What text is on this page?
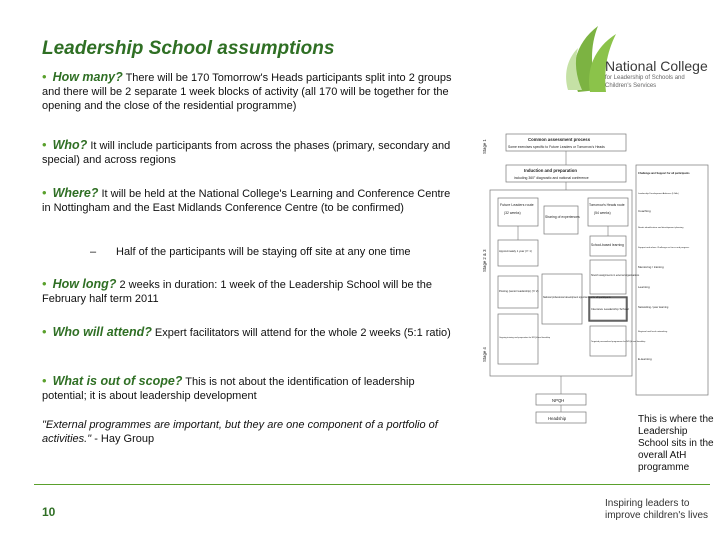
Leadership School assumptions
National College
for Leadership of Schools and Children's Services
• How many? There will be 170 Tomorrow's Heads participants split into 2 groups and there will be 2 separate 1 week blocks of activity (all 170 will be together for the opening and the close of the residential programme)
• Who? It will include participants from across the phases (primary, secondary and special) and across regions
• Where? It will be held at the National College's Learning and Conference Centre in Nottingham and the East Midlands Conference Centre (to be confirmed)
– Half of the participants will be staying off site at any one time
• How long? 2 weeks in duration: 1 week of the Leadership School will be the February half term 2011
• Who will attend? Expert facilitators will attend for the whole 2 weeks (5:1 ratio)
• What is out of scope? This is not about the identification of leadership potential; it is about leadership development
"External programmes are important, but they are one component of a portfolio of activities." - Hay Group
Stage 1
Stage 2 & 3
Stage 4
Common assessment process
Some exercises specific to Future Leaders or Tomorrow's Heads
Induction and preparation
including 360° diagnostic and national conference
Future Leaders route
(32 weeks)
Sharing of experiences
Tomorrow's Heads route
(54 weeks)
School-based learning
Approximately 1 year (Yr 1)
Stretch assignments in external organisations
Posting (senior leadership) (Yr 2)
National professional development opportunities for all participants
Intensive Leadership School
Targeted personalised programme for NPQH and headship
Ongoing training and preparation for NPQH and headship
NPQH
Headship
Challenge and Support for all participants
Leadership Development Advisers (LDAs)
Coaching
Needs identification and development planning
Support and where Challenge on focus and progress
Mentoring / training
Learning
Networking / peer learning
Regional and local networking
E-learning
This is where the Leadership School sits in the overall AtH programme
10
Inspiring leaders to
improve children's lives
